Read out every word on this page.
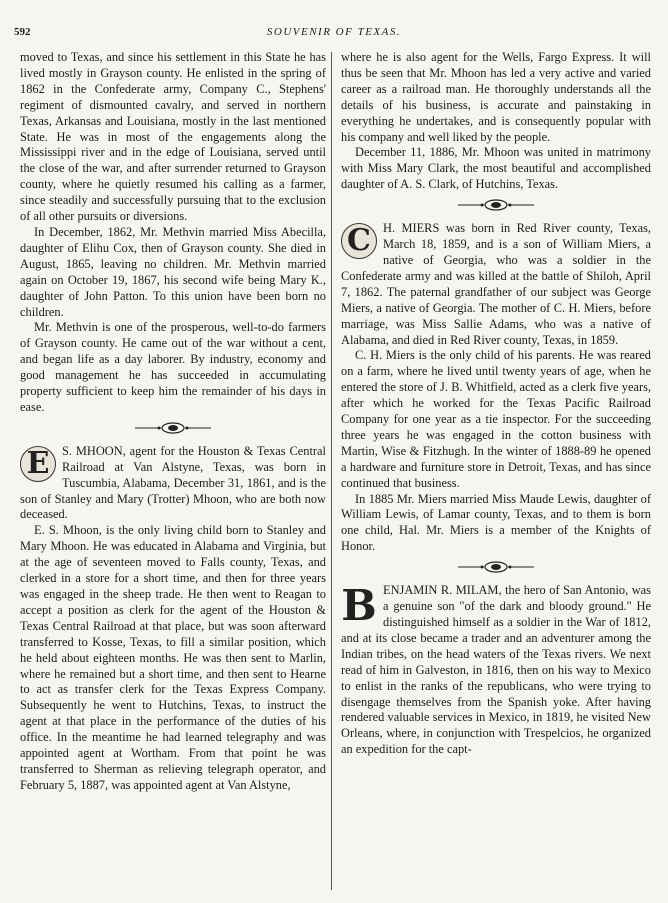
592	SOUVENIR OF TEXAS.

moved to Texas, and since his settlement in this State he has lived mostly in Grayson county. He enlisted in the spring of 1862 in the Confederate army, Company C., Stephens' regiment of dismounted cavalry, and served in northern Texas, Arkansas and Louisiana, mostly in the last mentioned State. He was in most of the engagements along the Mississippi river and in the edge of Louisiana, served until the close of the war, and after surrender returned to Grayson county, where he quietly resumed his calling as a farmer, since steadily and successfully pursuing that to the exclusion of all other pursuits or diversions.

In December, 1862, Mr. Methvin married Miss Abecilla, daughter of Elihu Cox, then of Grayson county. She died in August, 1865, leaving no children. Mr. Methvin married again on October 19, 1867, his second wife being Mary K., daughter of John Patton. To this union have been born no children.

Mr. Methvin is one of the prosperous, well-to-do farmers of Grayson county. He came out of the war without a cent, and began life as a day laborer. By industry, economy and good management he has succeeded in accumulating property sufficient to keep him the remainder of his days in ease.

E	S. MHOON, agent for the Houston & Texas Central Railroad at Van Alstyne, Texas, was born in Tuscumbia, Alabama, December 31, 1861, and is the son of Stanley and Mary (Trotter) Mhoon, who are both now deceased.

E. S. Mhoon, is the only living child born to Stanley and Mary Mhoon. He was educated in Alabama and Virginia, but at the age of seventeen moved to Falls county, Texas, and clerked in a store for a short time, and then for three years was engaged in the sheep trade. He then went to Reagan to accept a position as clerk for the agent of the Houston & Texas Central Railroad at that place, but was soon afterward transferred to Kosse, Texas, to fill a similar position, which he held about eighteen months. He was then sent to Marlin, where he remained but a short time, and then sent to Hearne to act as transfer clerk for the Texas Express Company. Subsequently he went to Hutchins, Texas, to instruct the agent at that place in the performance of the duties of his office. In the meantime he had learned telegraphy and was appointed agent at Wortham. From that point he was transferred to Sherman as relieving telegraph operator, and February 5, 1887, was appointed agent at Van Alstyne,

where he is also agent for the Wells, Fargo Express. It will thus be seen that Mr. Mhoon has led a very active and varied career as a railroad man. He thoroughly understands all the details of his business, is accurate and painstaking in everything he undertakes, and is consequently popular with his company and well liked by the people.

December 11, 1886, Mr. Mhoon was united in matrimony with Miss Mary Clark, the most beautiful and accomplished daughter of A. S. Clark, of Hutchins, Texas.

C H. MIERS was born in Red River county, Texas, March 18, 1859, and is a son of William Miers, a native of Georgia, who was a soldier in the Confederate army and was killed at the battle of Shiloh, April 7, 1862. The paternal grandfather of our subject was George Miers, a native of Georgia. The mother of C. H. Miers, before marriage, was Miss Sallie Adams, who was a native of Alabama, and died in Red River county, Texas, in 1859.

C. H. Miers is the only child of his parents. He was reared on a farm, where he lived until twenty years of age, when he entered the store of J. B. Whitfield, acted as a clerk five years, after which he worked for the Texas Pacific Railroad Company for one year as a tie inspector. For the succeeding three years he was engaged in the cotton business with Martin, Wise & Fitzhugh. In the winter of 1888-89 he opened a hardware and furniture store in Detroit, Texas, and has since continued that business.

In 1885 Mr. Miers married Miss Maude Lewis, daughter of William Lewis, of Lamar county, Texas, and to them is born one child, Hal. Mr. Miers is a member of the Knights of Honor.

B ENJAMIN R. MILAM, the hero of San Antonio, was a genuine son "of the dark and bloody ground." He distinguished himself as a soldier in the War of 1812, and at its close became a trader and an adventurer among the Indian tribes, on the head waters of the Texas rivers. We next read of him in Galveston, in 1816, then on his way to Mexico to enlist in the ranks of the republicans, who were trying to disengage themselves from the Spanish yoke. After having rendered valuable services in Mexico, in 1819, he visited New Orleans, where, in conjunction with Trespelcios, he organized an expedition for the capt-
